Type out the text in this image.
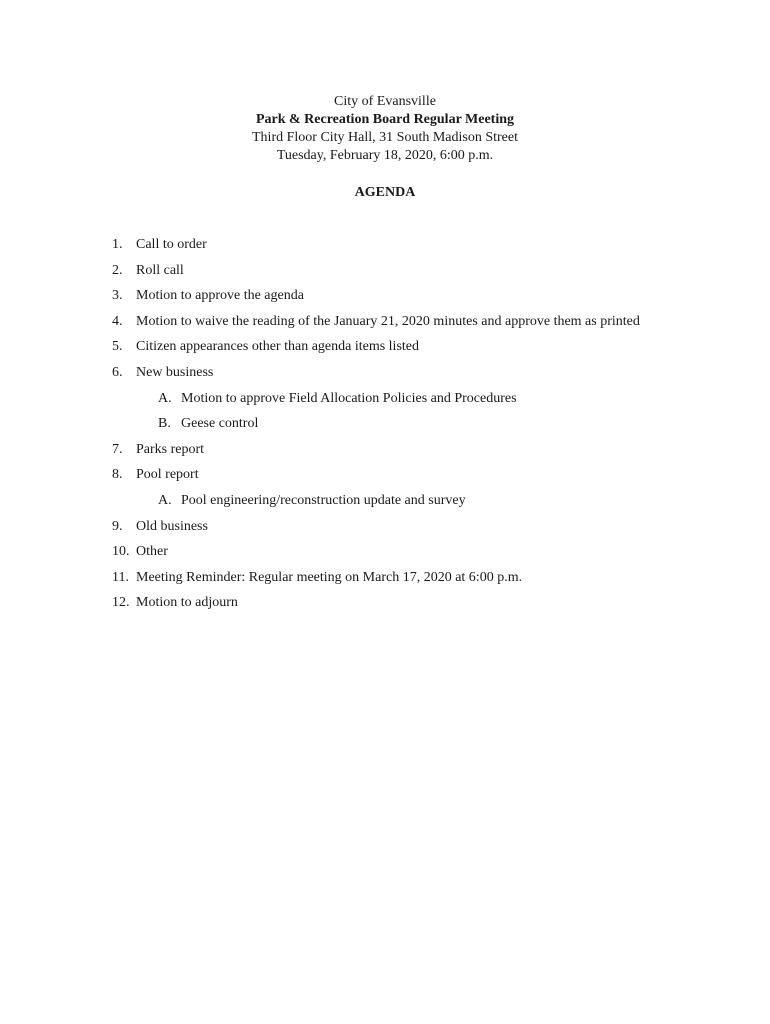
City of Evansville
Park & Recreation Board Regular Meeting
Third Floor City Hall, 31 South Madison Street
Tuesday, February 18, 2020, 6:00 p.m.
AGENDA
1. Call to order
2. Roll call
3. Motion to approve the agenda
4. Motion to waive the reading of the January 21, 2020 minutes and approve them as printed
5. Citizen appearances other than agenda items listed
6. New business
A. Motion to approve Field Allocation Policies and Procedures
B. Geese control
7. Parks report
8. Pool report
A. Pool engineering/reconstruction update and survey
9. Old business
10. Other
11. Meeting Reminder: Regular meeting on March 17, 2020 at 6:00 p.m.
12. Motion to adjourn
